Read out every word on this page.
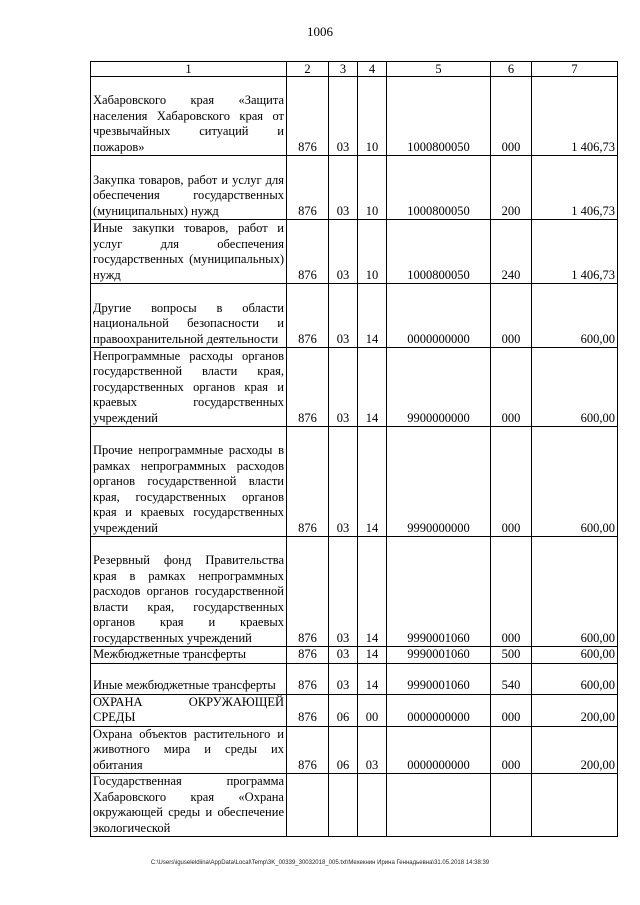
1006
1	2	3	4	5	6	7
Хабаровского края «Защита населения Хабаровского края от чрезвычайных ситуаций и пожаров»	876	03	10	1000800050	000	1 406,73
Закупка товаров, работ и услуг для обеспечения государственных (муниципальных) нужд	876	03	10	1000800050	200	1 406,73
Иные закупки товаров, работ и услуг для обеспечения государственных (муниципальных) нужд	876	03	10	1000800050	240	1 406,73
Другие вопросы в области национальной безопасности и правоохранительной деятельности	876	03	14	0000000000	000	600,00
Непрограммные расходы органов государственной власти края, государственных органов края и краевых государственных учреждений	876	03	14	9900000000	000	600,00
Прочие непрограммные расходы в рамках непрограммных расходов органов государственной власти края, государственных органов края и краевых государственных учреждений	876	03	14	9990000000	000	600,00
Резервный фонд Правительства края в рамках непрограммных расходов органов государственной власти края, государственных органов края и краевых государственных учреждений	876	03	14	9990001060	000	600,00
Межбюджетные трансферты	876	03	14	9990001060	500	600,00
Иные межбюджетные трансферты	876	03	14	9990001060	540	600,00
ОХРАНА ОКРУЖАЮЩЕЙ СРЕДЫ	876	06	00	0000000000	000	200,00
Охрана объектов растительного и животного мира и среды их обитания	876	06	03	0000000000	000	200,00
Государственная программа Хабаровского края «Охрана окружающей среды и обеспечение экологической						
C:\Users\iguseleldiina\AppData\Local\Temp\3K_00339_30032018_005.txt\Мехекнин Ирина Геннадьевна\31.05.2018 14:38:39
